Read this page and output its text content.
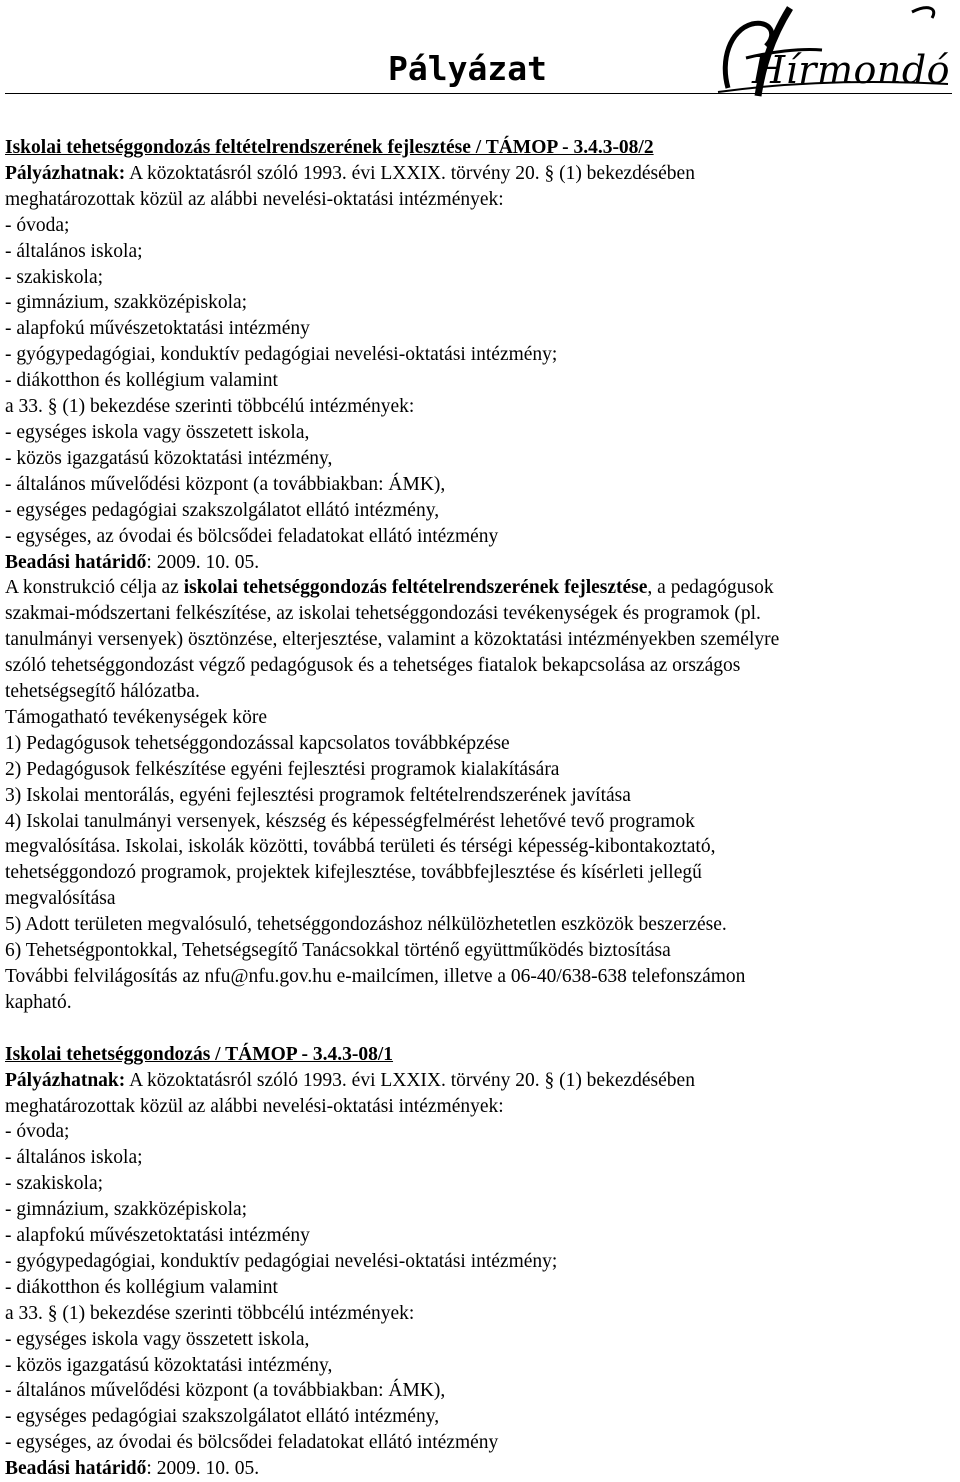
Pályázat	Hírmondó
Iskolai tehetséggondozás feltételrendszerének fejlesztése / TÁMOP - 3.4.3-08/2
Pályázhatnak: A közoktatásról szóló 1993. évi LXXIX. törvény 20. § (1) bekezdésében
meghatározottak közül az alábbi nevelési-oktatási intézmények:
- óvoda;
- általános iskola;
- szakiskola;
- gimnázium, szakközépiskola;
- alapfokú művészetoktatási intézmény
- gyógypedagógiai, konduktív pedagógiai nevelési-oktatási intézmény;
- diákotthon és kollégium valamint
a 33. § (1) bekezdése szerinti többcélú intézmények:
- egységes iskola vagy összetett iskola,
- közös igazgatású közoktatási intézmény,
- általános művelődési központ (a továbbiakban: ÁMK),
- egységes pedagógiai szakszolgálatot ellátó intézmény,
- egységes, az óvodai és bölcsődei feladatokat ellátó intézmény
Beadási határidő: 2009. 10. 05.
A konstrukció célja az iskolai tehetséggondozás feltételrendszerének fejlesztése, a pedagógusok
szakmai-módszertani felkészítése, az iskolai tehetséggondozási tevékenységek és programok (pl.
tanulmányi versenyek) ösztönzése, elterjesztése, valamint a közoktatási intézményekben személyre
szóló tehetséggondozást végző pedagógusok és a tehetséges fiatalok bekapcsolása az országos
tehetségsegítő hálózatba.
Támogatható tevékenységek köre
1) Pedagógusok tehetséggondozással kapcsolatos továbbképzése
2) Pedagógusok felkészítése egyéni fejlesztési programok kialakítására
3) Iskolai mentorálás, egyéni fejlesztési programok feltételrendszerének javítása
4) Iskolai tanulmányi versenyek, készség és képességfelmérést lehetővé tevő programok
megvalósítása. Iskolai, iskolák közötti, továbbá területi és térségi képesség-kibontakoztató,
tehetséggondozó programok, projektek kifejlesztése, továbbfejlesztése és kísérleti jellegű
megvalósítása
5) Adott területen megvalósuló, tehetséggondozáshoz nélkülözhetetlen eszközök beszerzése.
6) Tehetségpontokkal, Tehetségsegítő Tanácsokkal történő együttműködés biztosítása
További felvilágosítás az nfu@nfu.gov.hu e-mailcímen, illetve a 06-40/638-638 telefonszámon
kapható.
Iskolai tehetséggondozás / TÁMOP - 3.4.3-08/1
Pályázhatnak: A közoktatásról szóló 1993. évi LXXIX. törvény 20. § (1) bekezdésében
meghatározottak közül az alábbi nevelési-oktatási intézmények:
- óvoda;
- általános iskola;
- szakiskola;
- gimnázium, szakközépiskola;
- alapfokú művészetoktatási intézmény
- gyógypedagógiai, konduktív pedagógiai nevelési-oktatási intézmény;
- diákotthon és kollégium valamint
a 33. § (1) bekezdése szerinti többcélú intézmények:
- egységes iskola vagy összetett iskola,
- közös igazgatású közoktatási intézmény,
- általános művelődési központ (a továbbiakban: ÁMK),
- egységes pedagógiai szakszolgálatot ellátó intézmény,
- egységes, az óvodai és bölcsődei feladatokat ellátó intézmény
Beadási határidő: 2009. 10. 05.
